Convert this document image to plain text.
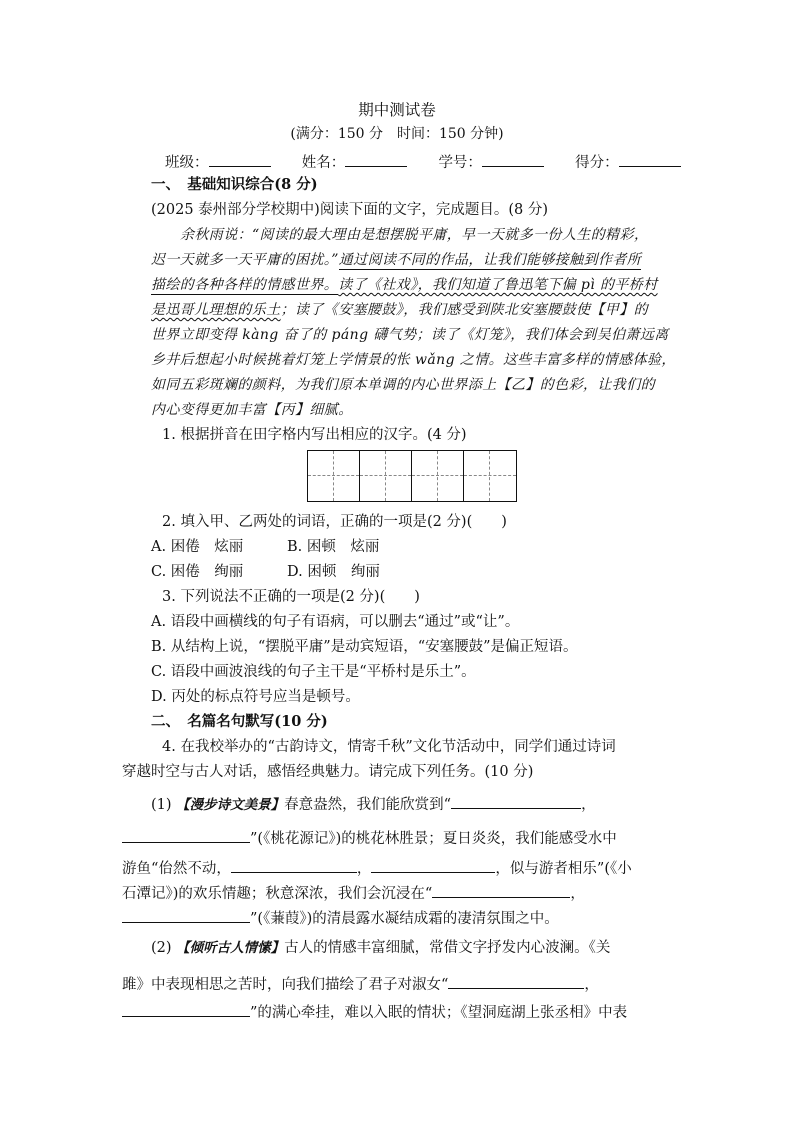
期中测试卷
(满分：150 分　时间：150 分钟)
班级：	姓名：	学号：	得分：
一、　基础知识综合(8 分)
(2025 泰州部分学校期中)阅读下面的文字，完成题目。(8 分)
余秋雨说：“阅读的最大理由是想摆脱平庸，早一天就多一份人生的精彩，
迟一天就多一天平庸的困扰。”通过阅读不同的作品，让我们能够接触到作者所
描绘的各种各样的情感世界。读了《社戏》，我们知道了鲁迅笔下偏 pì 的平桥村
是迅哥儿理想的乐土；读了《安塞腰鼓》，我们感受到陕北安塞腰鼓使【甲】的
世界立即变得 kàng 奋了的 páng 礴气势；读了《灯笼》，我们体会到吴伯萧远离
乡井后想起小时候挑着灯笼上学情景的怅 wǎng 之情。这些丰富多样的情感体验，
如同五彩斑斓的颜料，为我们原本单调的内心世界添上【乙】的色彩，让我们的
内心变得更加丰富【丙】细腻。
1. 根据拼音在田字格内写出相应的汉字。(4 分)
2. 填入甲、乙两处的词语，正确的一项是(2 分)(　　)
A. 困倦　炫丽	B. 困顿　炫丽
C. 困倦　绚丽	D. 困顿　绚丽
3. 下列说法不正确的一项是(2 分)(　　)
A. 语段中画横线的句子有语病，可以删去“通过”或“让”。
B. 从结构上说，“摆脱平庸”是动宾短语，“安塞腰鼓”是偏正短语。
C. 语段中画波浪线的句子主干是“平桥村是乐土”。
D. 丙处的标点符号应当是顿号。
二、　名篇名句默写(10 分)
4. 在我校举办的“古韵诗文，情寄千秋”文化节活动中，同学们通过诗词
穿越时空与古人对话，感悟经典魅力。请完成下列任务。(10 分)
(1) 【漫步诗文美景】春意盎然，我们能欣赏到“	，
”(《桃花源记》)的桃花林胜景；夏日炎炎，我们能感受水中
游鱼“佁然不动，	，	，似与游者相乐”(《小
石潭记》)的欢乐情趣；秋意深浓，我们会沉浸在“	，
”(《蒹葭》)的清晨露水凝结成霜的凄清氛围之中。
(2) 【倾听古人情愫】古人的情感丰富细腻，常借文字抒发内心波澜。《关
雎》中表现相思之苦时，向我们描绘了君子对淑女“	，
”的满心牵挂，难以入眠的情状；《望洞庭湖上张丞相》中表
